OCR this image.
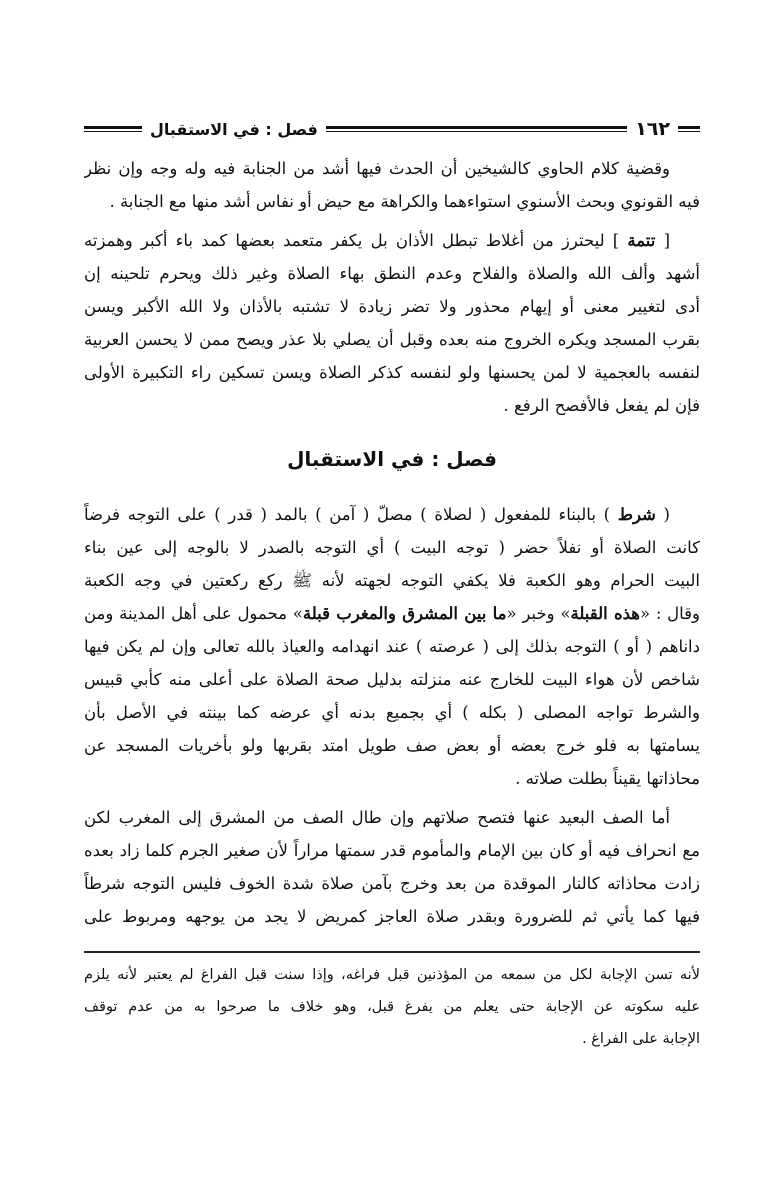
١٦٢
فصل : في الاستقبال
وقضية كلام الحاوي كالشيخين أن الحدث فيها أشد من الجنابة فيه وله وجه وإن نظر
فيه القونوي وبحث الأسنوي استواءهما والكراهة مع حيض أو نفاس أشد منها مع الجنابة .
[ تتمة ] ليحترز من أغلاط تبطل الأذان بل يكفر متعمد بعضها كمد باء أكبر وهمزته
أشهد وألف الله والصلاة والفلاح وعدم النطق بهاء الصلاة وغير ذلك ويحرم تلحينه إن
أدى لتغيير معنى أو إيهام محذور ولا تضر زيادة لا تشتبه بالأذان ولا الله الأكبر ويسن
بقرب المسجد ويكره الخروج منه بعده وقبل أن يصلي بلا عذر ويصح ممن لا يحسن العربية
لنفسه بالعجمية لا لمن يحسنها ولو لنفسه كذكر الصلاة ويسن تسكين راء التكبيرة الأولى
فإن لم يفعل فالأفصح الرفع .
فصل : في الاستقبال
( شرط ) بالبناء للمفعول ( لصلاة ) مصلّ ( آمن ) بالمد ( قدر ) على التوجه فرضاً
كانت الصلاة أو نفلاً حضر ( توجه البيت ) أي التوجه بالصدر لا بالوجه إلى عين بناء
البيت الحرام وهو الكعبة فلا يكفي التوجه لجهته لأنه ﷺ ركع ركعتين في وجه الكعبة
وقال : «هذه القبلة» وخبر «ما بين المشرق والمغرب قبلة» محمول على أهل المدينة ومن
داناهم ( أو ) التوجه بذلك إلى ( عرصته ) عند انهدامه والعياذ بالله تعالى وإن لم يكن فيها
شاخص لأن هواء البيت للخارج عنه منزلته بدليل صحة الصلاة على أعلى منه كأبي قبيس
والشرط تواجه المصلى ( بكله ) أي بجميع بدنه أي عرضه كما بينته في الأصل بأن
يسامتها به فلو خرج بعضه أو بعض صف طويل امتد بقربها ولو بأخريات المسجد عن
محاذاتها يقيناً بطلت صلاته .
أما الصف البعيد عنها فتصح صلاتهم وإن طال الصف من المشرق إلى المغرب لكن
مع انحراف فيه أو كان بين الإمام والمأموم قدر سمتها مراراً لأن صغير الجرم كلما زاد بعده
زادت محاذاته كالنار الموقدة من بعد وخرج بآمن صلاة شدة الخوف فليس التوجه شرطاً
فيها كما يأتي ثم للضرورة وبقدر صلاة العاجز كمريض لا يجد من يوجهه ومربوط على
لأنه تسن الإجابة لكل من سمعه من المؤذنين قبل فراغه، وإذا سنت قبل الفراغ لم يعتبر لأنه يلزم
عليه سكوته عن الإجابة حتى يعلم من يفرغ قبل، وهو خلاف ما صرحوا به من عدم توقف
الإجابة على الفراغ .
